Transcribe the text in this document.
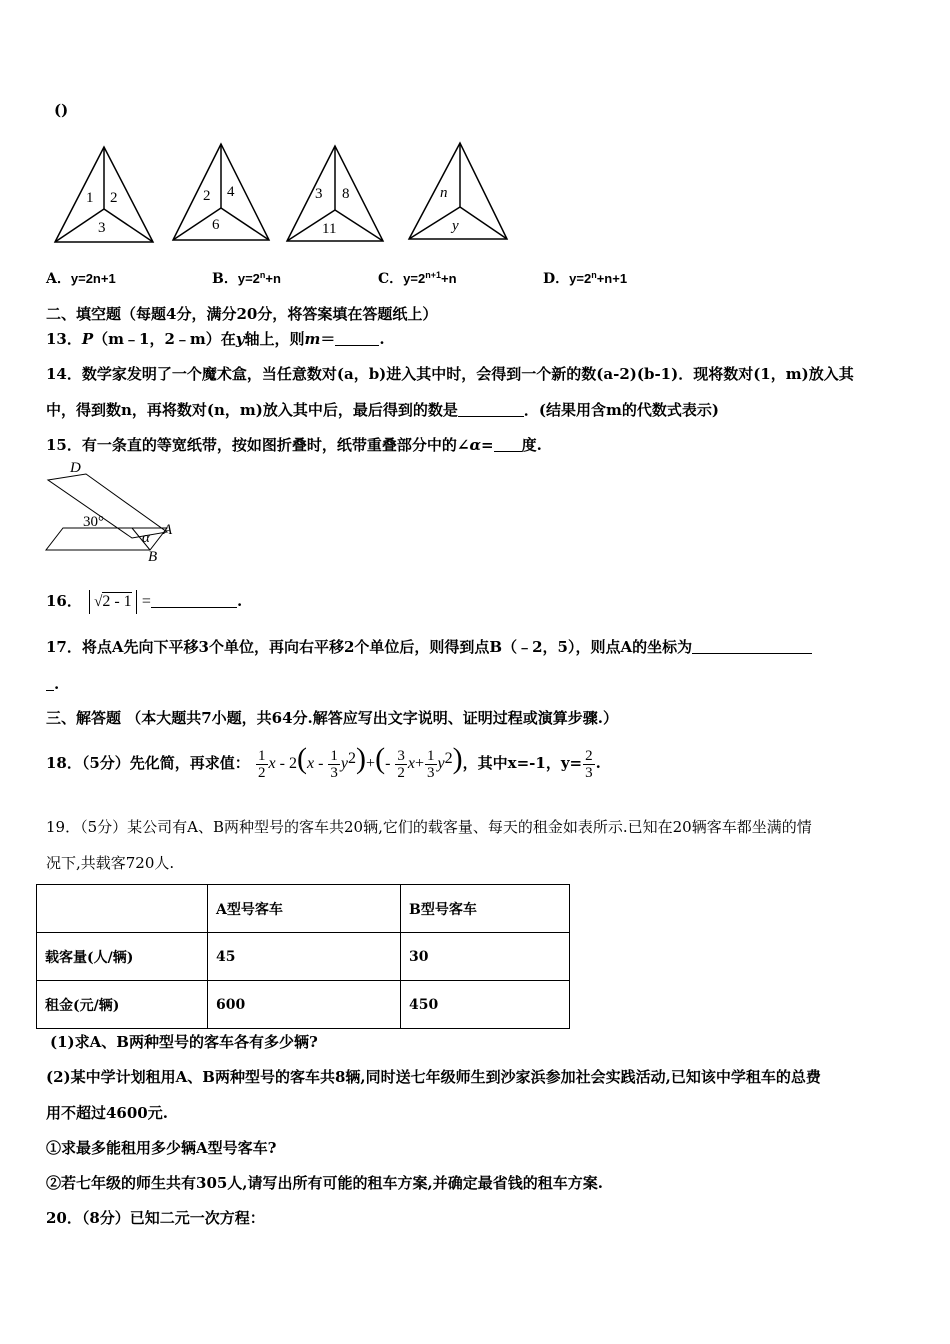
()
1 2
3
2 4
6
3 8
11
n
y
A．y=2n+1	B．$y=2^n+n$	C．$y=2^{n+1}+n$	D．$y=2^n+n+1$
二、填空题（每题4分，满分20分，将答案填在答题纸上）
13．P（m﹣1，2﹣m）在y轴上，则m＝	.
14．数学家发明了一个魔术盒，当任意数对(a，b)进入其中时，会得到一个新的数(a-2)(b-1)．现将数对(1，m)放入其
中，得到数n，再将数对(n，m)放入其中后，最后得到的数是	．(结果用含m的代数式表示)
15．有一条直的等宽纸带，按如图折叠时，纸带重叠部分中的∠α= 度.
D
30°	A
α
B
16． √2 - 1 =	.
17．将点A先向下平移3个单位，再向右平移2个单位后，则得到点B（﹣2，5），则点A的坐标为
.
三、解答题 （本大题共7小题，共64分.解答应写出文字说明、证明过程或演算步骤.）
18．（5分）先化简，再求值： $\frac{1}{2}$ $x - 2(x - \frac{1}{3} y^2)+(- \frac{3}{2} x+ \frac{1}{3} y^2)$，其中x=-1，$y= \frac{2}{3}$ .
19．（5分）某公司有A、B两种型号的客车共20辆,它们的载客量、每天的租金如表所示.已知在20辆客车都坐满的情
况下,共载客720人.
	A型号客车	B型号客车
载客量(人/辆)	45	30
租金(元/辆)	600	450
(1)求A、B两种型号的客车各有多少辆?
(2)某中学计划租用A、B两种型号的客车共8辆,同时送七年级师生到沙家浜参加社会实践活动,已知该中学租车的总费
用不超过4600元.
①求最多能租用多少辆A型号客车?
②若七年级的师生共有305人,请写出所有可能的租车方案,并确定最省钱的租车方案.
20．（8分）已知二元一次方程：
